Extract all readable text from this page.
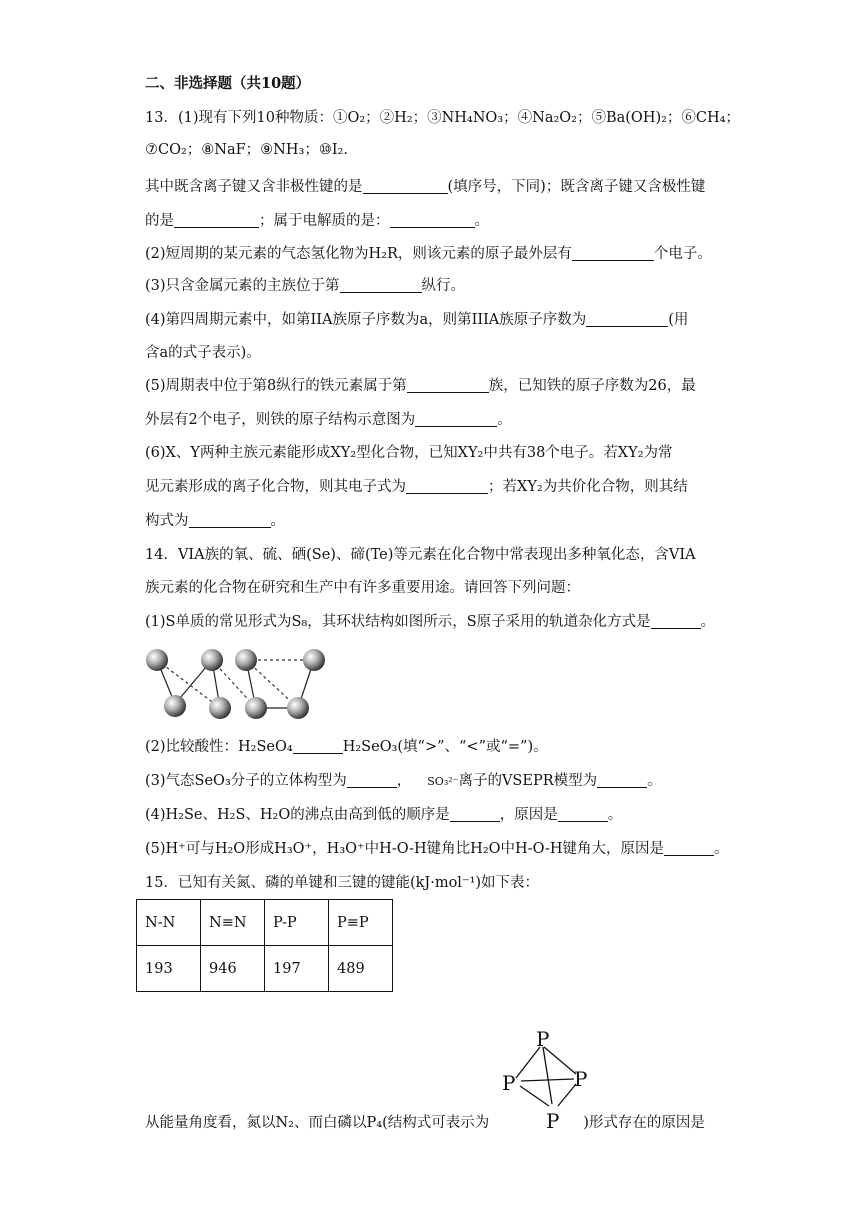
二、非选择题（共10题）
13．(1)现有下列10种物质：①O₂；②H₂；③NH₄NO₃；④Na₂O₂；⑤Ba(OH)₂；⑥CH₄；
⑦CO₂；⑧NaF；⑨NH₃；⑩I₂.
其中既含离子键又含非极性键的是	(填序号，下同)；既含离子键又含极性键
的是	；属于电解质的是：	。
(2)短周期的某元素的气态氢化物为H₂R，则该元素的原子最外层有	个电子。
(3)只含金属元素的主族位于第	纵行。
(4)第四周期元素中，如第IIA族原子序数为a，则第IIIA族原子序数为	(用
含a的式子表示)。
(5)周期表中位于第8纵行的铁元素属于第	族，已知铁的原子序数为26，最
外层有2个电子，则铁的原子结构示意图为	。
(6)X、Y两种主族元素能形成XY₂型化合物，已知XY₂中共有38个电子。若XY₂为常
见元素形成的离子化合物，则其电子式为	；若XY₂为共价化合物，则其结
构式为	。
14．VIA族的氧、硫、硒(Se)、碲(Te)等元素在化合物中常表现出多种氧化态，含VIA
族元素的化合物在研究和生产中有许多重要用途。请回答下列问题：
(1)S单质的常见形式为S₈，其环状结构如图所示，S原子采用的轨道杂化方式是	。
(2)比较酸性：H₂SeO₄	H₂SeO₃(填“>”、“<”或“=”)。
(3)气态SeO₃分子的立体构型为	， SO₃²⁻离子的VSEPR模型为	。
(4)H₂Se、H₂S、H₂O的沸点由高到低的顺序是	，原因是	。
(5)H⁺可与H₂O形成H₃O⁺，H₃O⁺中H-O-H键角比H₂O中H-O-H键角大，原因是	。
15．已知有关氮、磷的单键和三键的键能(kJ·mol⁻¹)如下表：
N-N	N≡N	P-P	P≡P
193	946	197	489
P
P	P
P
从能量角度看，氮以N₂、而白磷以P₄(结构式可表示为	)形式存在的原因是
